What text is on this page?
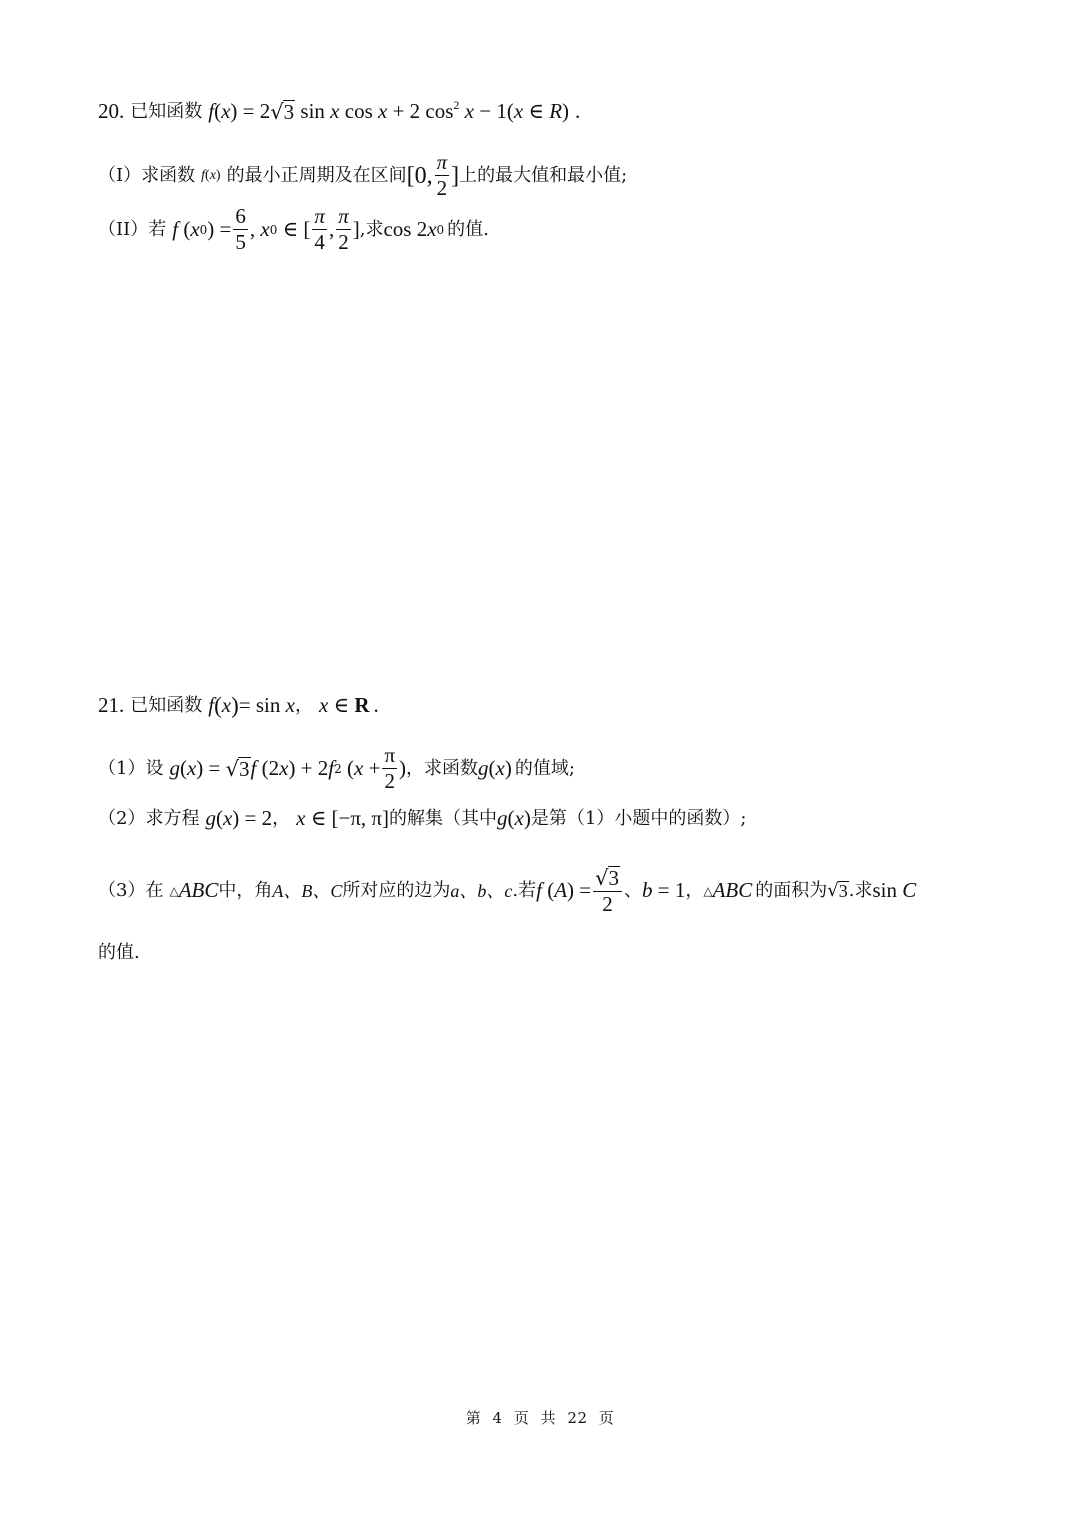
20. 已知函数 f ( x ) = 2 √ 3 sin x cos x + 2 $\cos^2 x - 1$( x ∈ R ) .
（I） 求函数 f ( x ) 的最小正周期及在区间 [0, $\frac{\pi}{2}$ ] 上的最大值和最小值;
（II） 若 f ( x 0 ) = $\frac{6}{5}$ , x 0 ∈ [ $\frac{\pi}{4}$ , $\frac{\pi}{2}$ ] ,求 cos 2 x 0 的值.
21. 已知函数 f ( x ) = sin x ， x ∈ R .
（1） 设 g ( x ) = √ 3 f (2 x ) + 2 f 2 ( $x + \frac{\pi}{2}$ ) ，求函数 g ( x ) 的值域;
（2） 求方程 g ( x ) = 2 ， x ∈ [−π, π] 的解集（其中 g ( x ) 是第（1）小题中的函数）;
（3） 在 △ ABC 中，角 A、B、C 所对应的边为 a、b、c .若 f ( A ) = $\frac{√ 3}{2}$ 、 b = 1 ， △ ABC 的面积为 √ 3 .求 sin C
的值.
第 4 页 共 22 页
